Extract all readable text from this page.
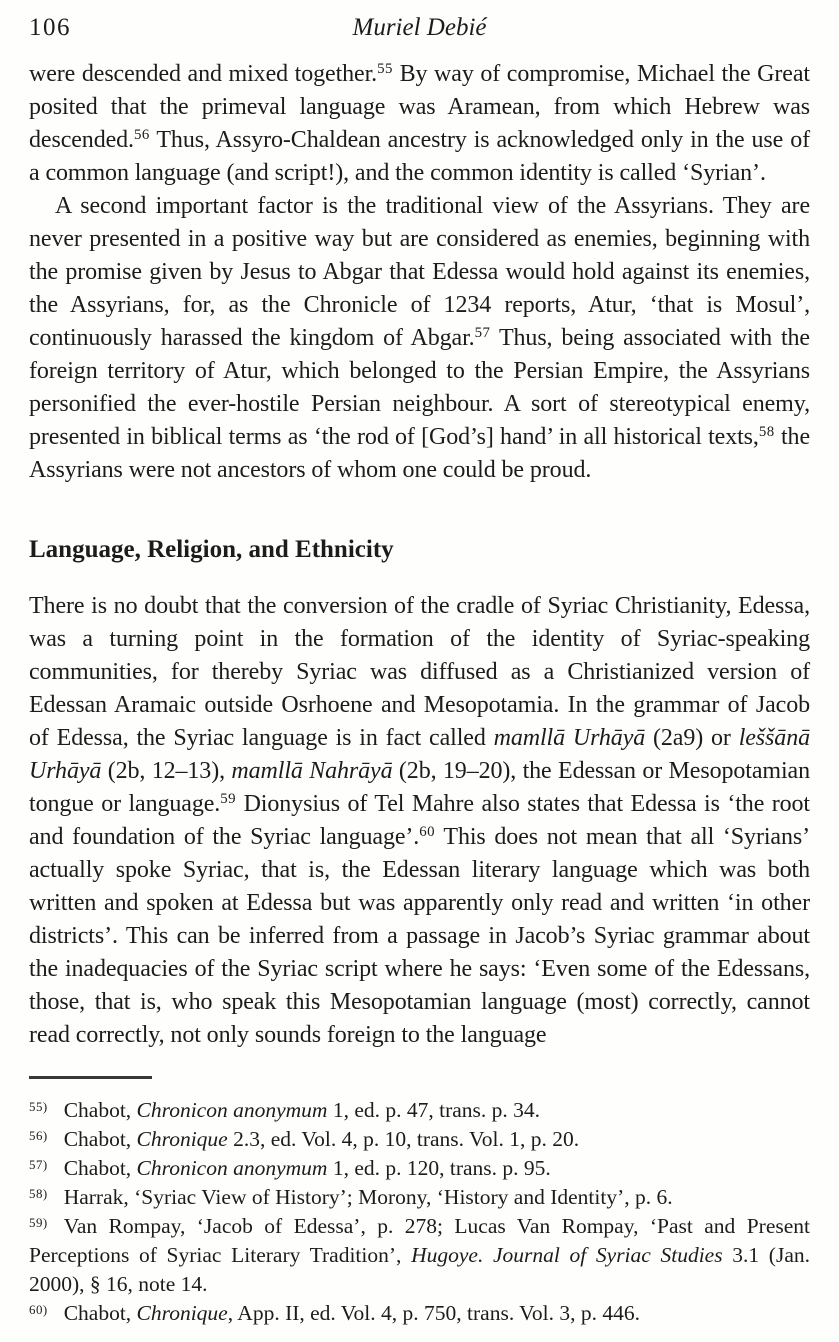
106	Muriel Debié

were descended and mixed together.$^{55}$ By way of compromise, Michael the Great posited that the primeval language was Aramean, from which Hebrew was descended.$^{56}$ Thus, Assyro-Chaldean ancestry is acknowledged only in the use of a common language (and script!), and the common identity is called ‘Syrian’.

A second important factor is the traditional view of the Assyrians. They are never presented in a positive way but are considered as enemies, beginning with the promise given by Jesus to Abgar that Edessa would hold against its enemies, the Assyrians, for, as the Chronicle of 1234 reports, Atur, ‘that is Mosul’, continuously harassed the kingdom of Abgar.$^{57}$ Thus, being associated with the foreign territory of Atur, which belonged to the Persian Empire, the Assyrians personified the ever-hostile Persian neighbour. A sort of stereotypical enemy, presented in biblical terms as ‘the rod of [God’s] hand’ in all historical texts,$^{58}$ the Assyrians were not ancestors of whom one could be proud.

Language, Religion, and Ethnicity

There is no doubt that the conversion of the cradle of Syriac Christianity, Edessa, was a turning point in the formation of the identity of Syriac-speaking communities, for thereby Syriac was diffused as a Christianized version of Edessan Aramaic outside Osrhoene and Mesopotamia. In the grammar of Jacob of Edessa, the Syriac language is in fact called mamllā Urhāyā (2a9) or leššānā Urhāyā (2b, 12–13), mamllā Nahrāyā (2b, 19–20), the Edessan or Mesopotamian tongue or language.$^{59}$ Dionysius of Tel Mahre also states that Edessa is ‘the root and foundation of the Syriac language’.$^{60}$ This does not mean that all ‘Syrians’ actually spoke Syriac, that is, the Edessan literary language which was both written and spoken at Edessa but was apparently only read and written ‘in other districts’. This can be inferred from a passage in Jacob’s Syriac grammar about the inadequacies of the Syriac script where he says: ‘Even some of the Edessans, those, that is, who speak this Mesopotamian language (most) correctly, cannot read correctly, not only sounds foreign to the language

$^{55)}$ Chabot, Chronicon anonymum 1, ed. p. 47, trans. p. 34.

$^{56)}$ Chabot, Chronique 2.3, ed. Vol. 4, p. 10, trans. Vol. 1, p. 20.

$^{57)}$ Chabot, Chronicon anonymum 1, ed. p. 120, trans. p. 95.

$^{58)}$ Harrak, ‘Syriac View of History’; Morony, ‘History and Identity’, p. 6.

$^{59)}$ Van Rompay, ‘Jacob of Edessa’, p. 278; Lucas Van Rompay, ‘Past and Present Perceptions of Syriac Literary Tradition’, Hugoye. Journal of Syriac Studies 3.1 (Jan. 2000), § 16, note 14.

$^{60)}$ Chabot, Chronique, App. II, ed. Vol. 4, p. 750, trans. Vol. 3, p. 446.
